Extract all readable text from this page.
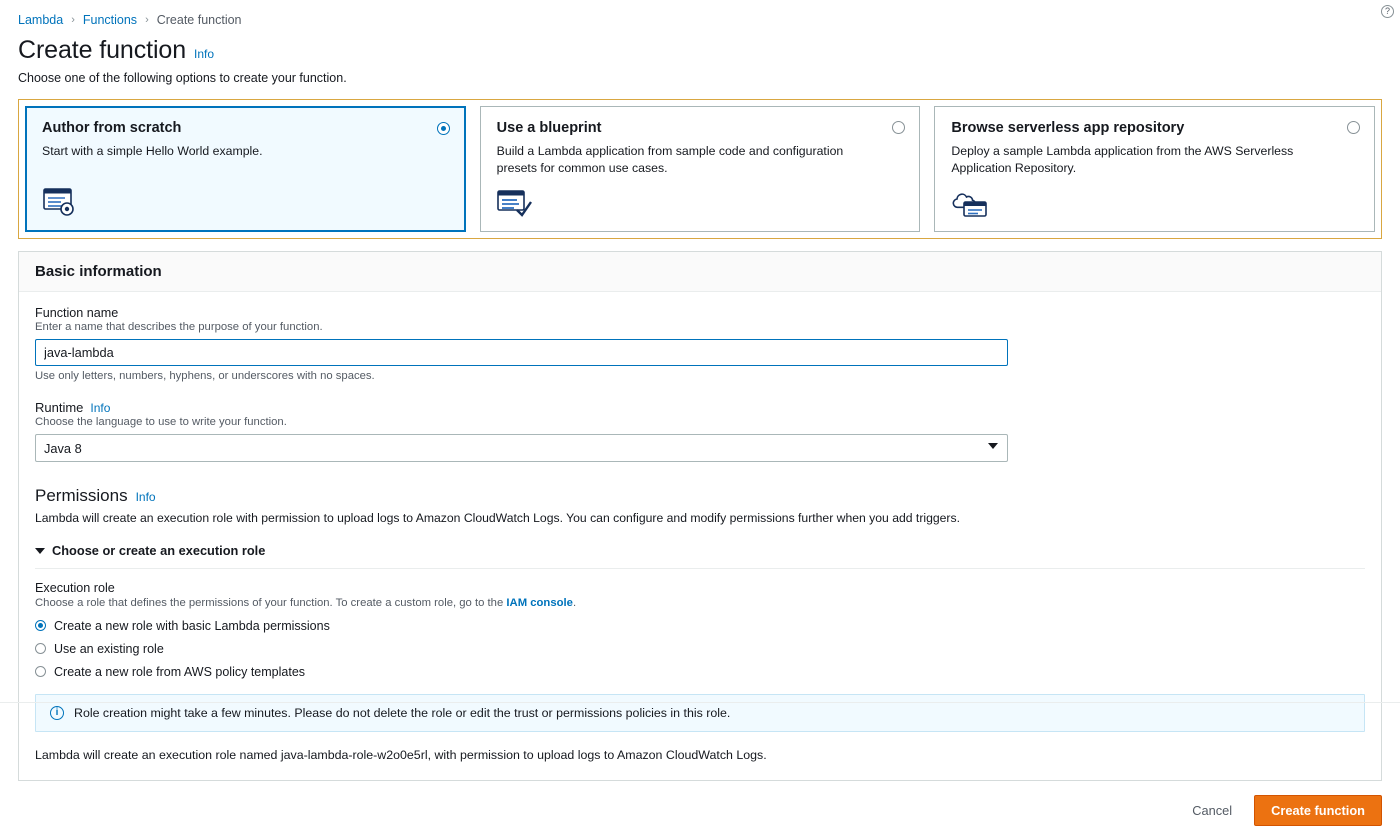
?
Lambda › Functions › Create function
Create function Info
Choose one of the following options to create your function.

Author from scratch

Start with a simple Hello World example.

Use a blueprint

Build a Lambda application from sample code and configuration presets for common use cases.

Browse serverless app repository

Deploy a sample Lambda application from the AWS Serverless Application Repository.

Basic information
Function name
Enter a name that describes the purpose of your function.
java-lambda
Use only letters, numbers, hyphens, or underscores with no spaces.
Runtime Info
Choose the language to use to write your function.
Java 8
Permissions Info
Lambda will create an execution role with permission to upload logs to Amazon CloudWatch Logs. You can configure and modify permissions further when you add triggers.
Choose or create an execution role
Execution role
Choose a role that defines the permissions of your function. To create a custom role, go to the IAM console.
Create a new role with basic Lambda permissions
Use an existing role
Create a new role from AWS policy templates
i	Role creation might take a few minutes. Please do not delete the role or edit the trust or permissions policies in this role.
Lambda will create an execution role named java-lambda-role-w2o0e5rl, with permission to upload logs to Amazon CloudWatch Logs.
Cancel	Create function
